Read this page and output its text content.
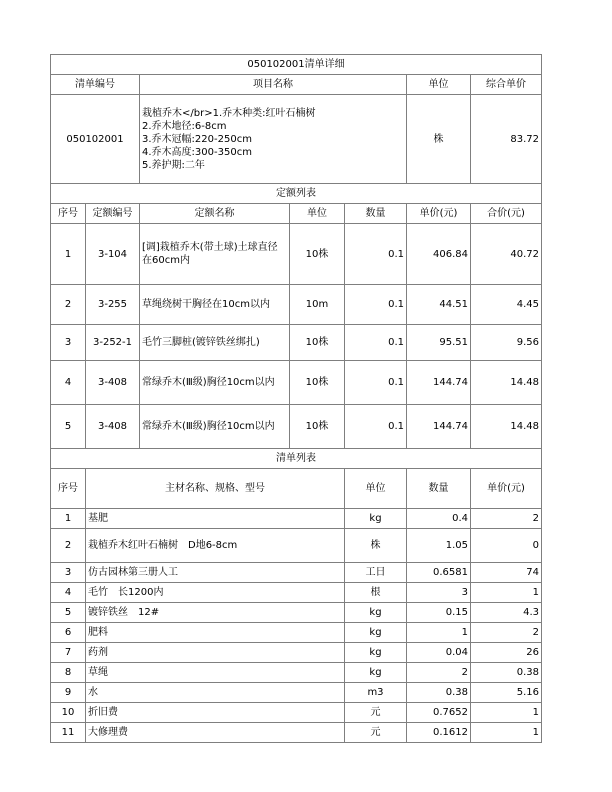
050102001清单详细							
清单编号		项目名称			单位	综合单价	
050102001		栽植乔木</br>1.乔木种类:红叶石楠树
2.乔木地径:6-8cm
3.乔木冠幅:220-250cm
4.乔木高度:300-350cm
5.养护期:二年			株	83.72	
定额列表							
序号	定额编号	定额名称	单位	数量	单价(元)	合价(元)	
1	3-104	[调]栽植乔木(带土球)土球直径在60cm内	10株	0.1	406.84	40.72	
2	3-255	草绳绕树干胸径在10cm以内	10m	0.1	44.51	4.45	
3	3-252-1	毛竹三脚桩(镀锌铁丝绑扎)	10株	0.1	95.51	9.56	
4	3-408	常绿乔木(Ⅲ级)胸径10cm以内	10株	0.1	144.74	14.48	
5	3-408	常绿乔木(Ⅲ级)胸径10cm以内	10株	0.1	144.74	14.48	
清单列表							
序号	主材名称、规格、型号			单位	数量	单价(元)	
1	基肥			kg	0.4	2	
2	栽植乔木红叶石楠树　D地6-8cm			株	1.05	0	
3	仿古园林第三册人工			工日	0.6581	74	
4	毛竹　长1200内			根	3	1	
5	镀锌铁丝　12#			kg	0.15	4.3	
6	肥料			kg	1	2	
7	药剂			kg	0.04	26	
8	草绳			kg	2	0.38	
9	水			m3	0.38	5.16	
10	折旧费			元	0.7652	1	
11	大修理费			元	0.1612	1	
